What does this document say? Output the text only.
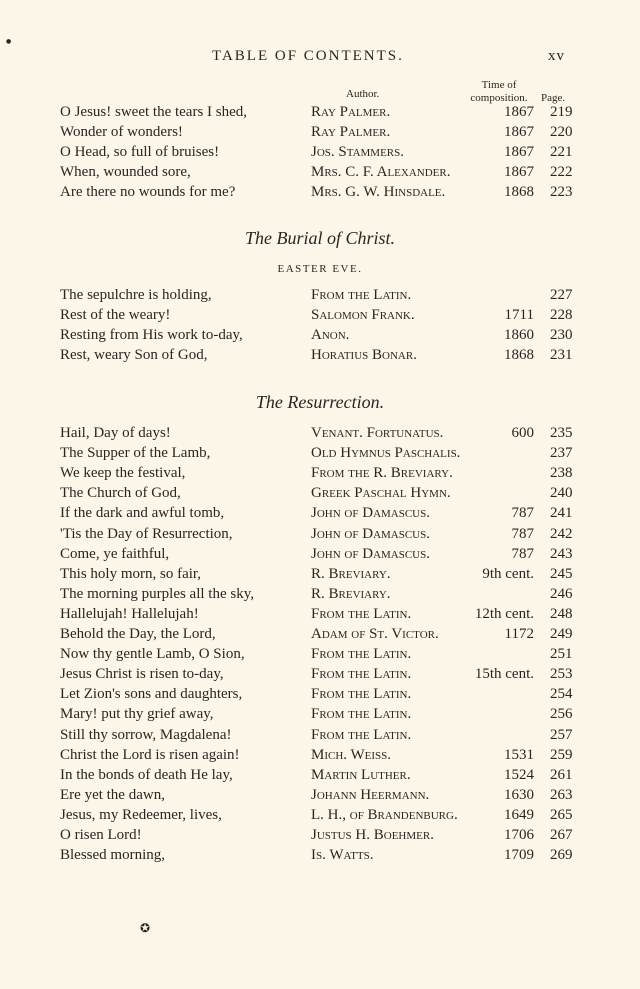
TABLE OF CONTENTS.	xv
Author.
Time of composition.	Page.
O Jesus! sweet the tears I shed,	Ray Palmer.	1867 219
Wonder of wonders!	Ray Palmer.	1867 220
O Head, so full of bruises!	Jos. Stammers.	1867 221
When, wounded sore,	Mrs. C. F. Alexander.	1867 222
Are there no wounds for me?	Mrs. G. W. Hinsdale.	1868 223
The Burial of Christ.
EASTER EVE.
The sepulchre is holding,	From the Latin.	227
Rest of the weary!	Salomon Frank.	1711 228
Resting from His work to-day,	Anon.	1860 230
Rest, weary Son of God,	Horatius Bonar.	1868 231
The Resurrection.
Hail, Day of days!	Venant. Fortunatus.	600 235
The Supper of the Lamb,	Old Hymnus Paschalis.	237
We keep the festival,	From the R. Breviary.	238
The Church of God,	Greek Paschal Hymn.	240
If the dark and awful tomb,	John of Damascus.	787 241
'Tis the Day of Resurrection,	John of Damascus.	787 242
Come, ye faithful,	John of Damascus.	787 243
This holy morn, so fair,	R. Breviary.	9th cent. 245
The morning purples all the sky,	R. Breviary.	246
Hallelujah! Hallelujah!	From the Latin.	12th cent. 248
Behold the Day, the Lord,	Adam of St. Victor.	1172 249
Now thy gentle Lamb, O Sion,	From the Latin.	251
Jesus Christ is risen to-day,	From the Latin.	15th cent. 253
Let Zion's sons and daughters,	From the Latin.	254
Mary! put thy grief away,	From the Latin.	256
Still thy sorrow, Magdalena!	From the Latin.	257
Christ the Lord is risen again!	Mich. Weiss.	1531 259
In the bonds of death He lay,	Martin Luther.	1524 261
Ere yet the dawn,	Johann Heermann.	1630 263
Jesus, my Redeemer, lives,	L. H., of Brandenburg.	1649 265
O risen Lord!	Justus H. Boehmer.	1706 267
Blessed morning,	Is. Watts.	1709 269
✪
●
